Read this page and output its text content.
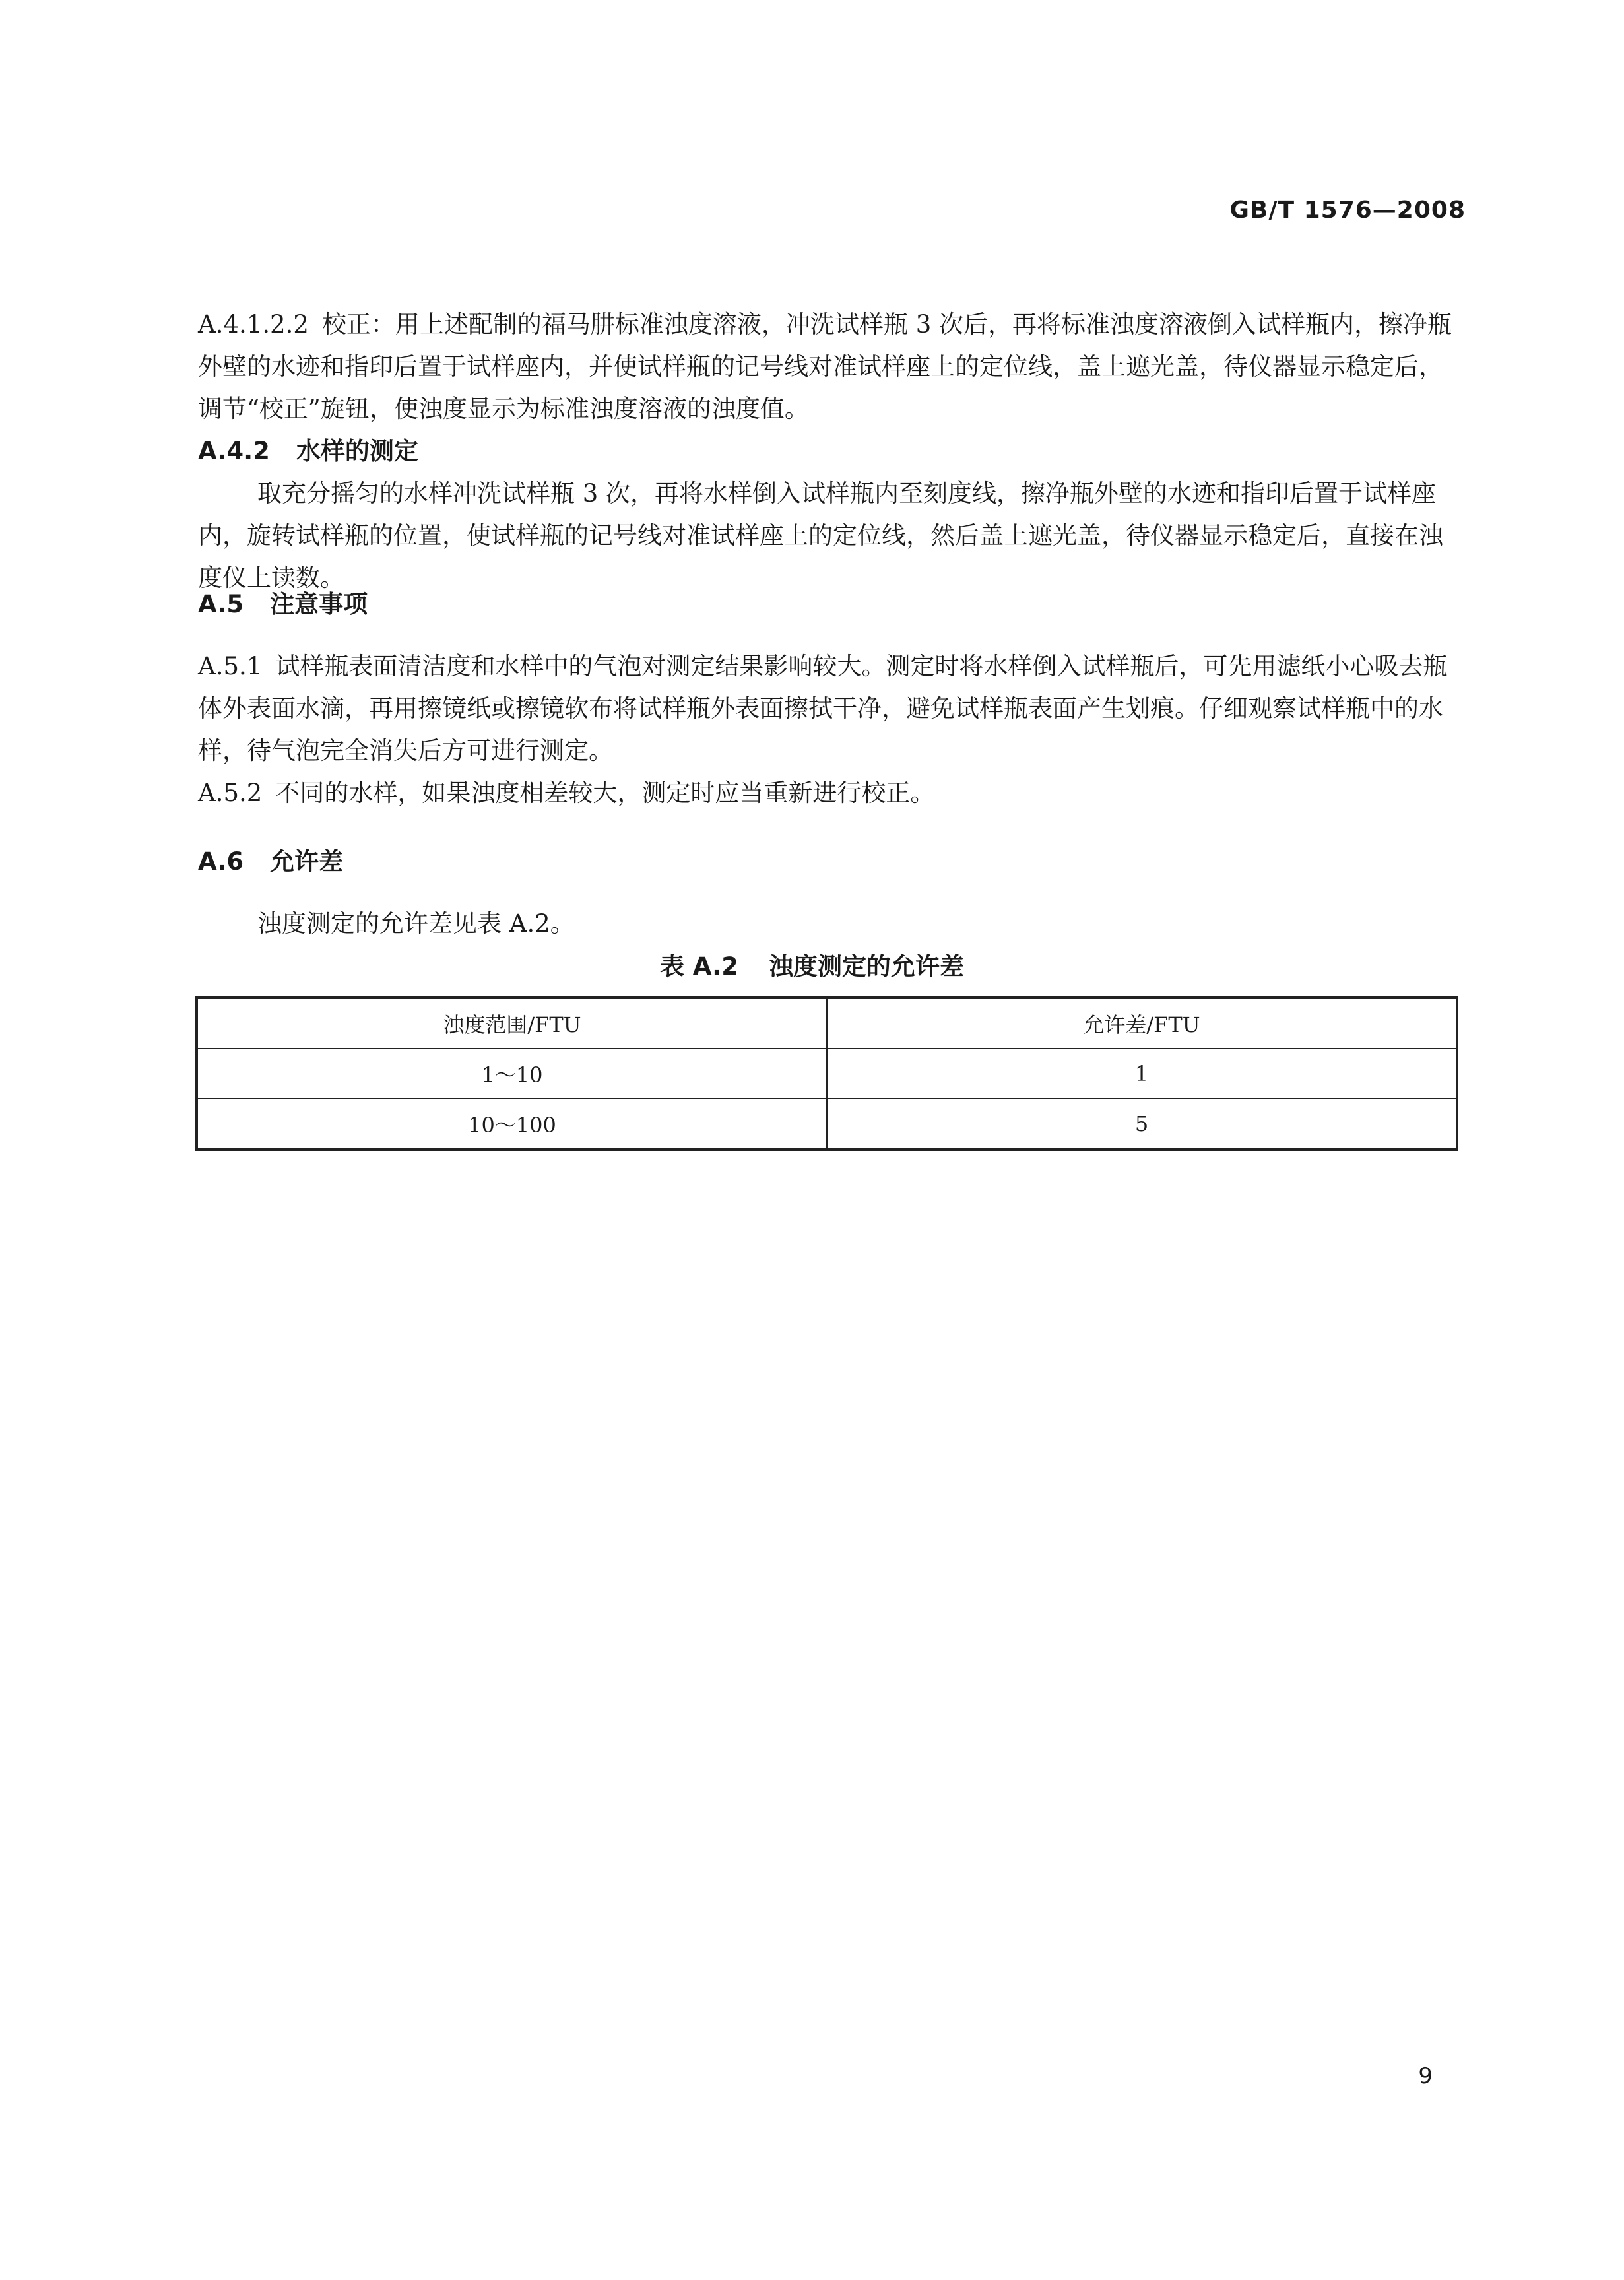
GB/T 1576—2008

A.4.1.2.2 校正：用上述配制的福马肼标准浊度溶液，冲洗试样瓶 3 次后，再将标准浊度溶液倒入试样瓶内，擦净瓶外壁的水迹和指印后置于试样座内，并使试样瓶的记号线对准试样座上的定位线，盖上遮光盖，待仪器显示稳定后，调节“校正”旋钮，使浊度显示为标准浊度溶液的浊度值。

A.4.2 水样的测定

取充分摇匀的水样冲洗试样瓶 3 次，再将水样倒入试样瓶内至刻度线，擦净瓶外壁的水迹和指印后置于试样座内，旋转试样瓶的位置，使试样瓶的记号线对准试样座上的定位线，然后盖上遮光盖，待仪器显示稳定后，直接在浊度仪上读数。

A.5 注意事项

A.5.1 试样瓶表面清洁度和水样中的气泡对测定结果影响较大。测定时将水样倒入试样瓶后，可先用滤纸小心吸去瓶体外表面水滴，再用擦镜纸或擦镜软布将试样瓶外表面擦拭干净，避免试样瓶表面产生划痕。仔细观察试样瓶中的水样，待气泡完全消失后方可进行测定。

A.5.2 不同的水样，如果浊度相差较大，测定时应当重新进行校正。

A.6 允许差

浊度测定的允许差见表 A.2。

表 A.2 浊度测定的允许差
浊度范围/FTU	允许差/FTU
1～10	1
10～100	5
9
